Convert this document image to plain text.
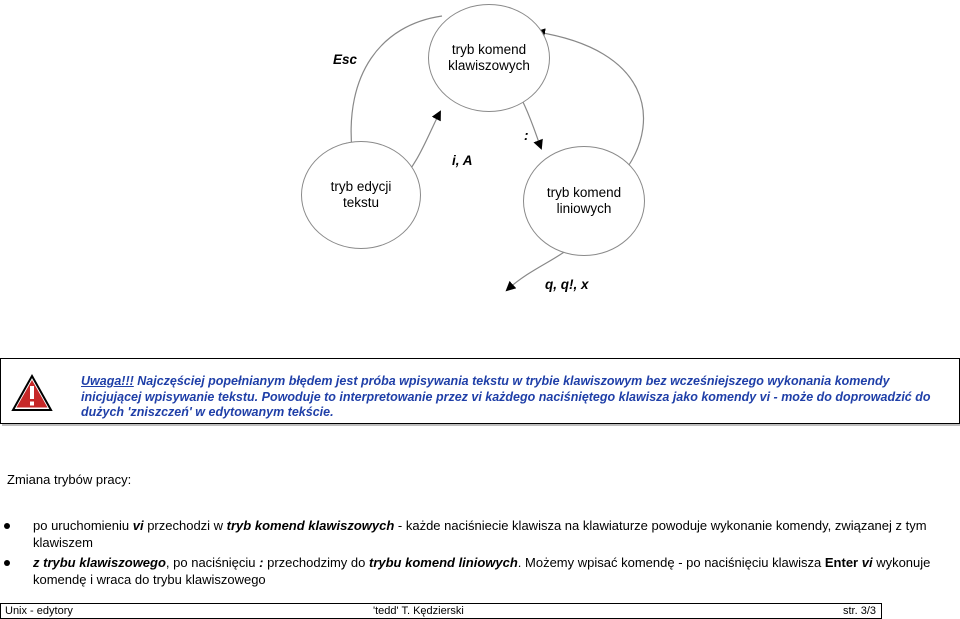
tryb komend
klawiszowych
tryb edycji
tekstu
tryb komend
liniowych
Esc
i, A
:
q, q!, x
Uwaga!!! Najczęściej popełnianym błędem jest próba wpisywania tekstu w trybie klawiszowym bez wcześniejszego wykonania komendy inicjującej wpisywanie tekstu. Powoduje to interpretowanie przez vi każdego naciśniętego klawisza jako komendy vi - może do doprowadzić do dużych 'zniszczeń' w edytowanym tekście.
Zmiana trybów pracy:
po uruchomieniu vi przechodzi w tryb komend klawiszowych - każde naciśniecie klawisza na klawiaturze powoduje wykonanie komendy, związanej z tym klawiszem
z trybu klawiszowego, po naciśnięciu : przechodzimy do trybu komend liniowych. Możemy wpisać komendę - po naciśnięciu klawisza Enter vi wykonuje komendę i wraca do trybu klawiszowego
Unix - edytory	'tedd' T. Kędzierski	str. 3/3
